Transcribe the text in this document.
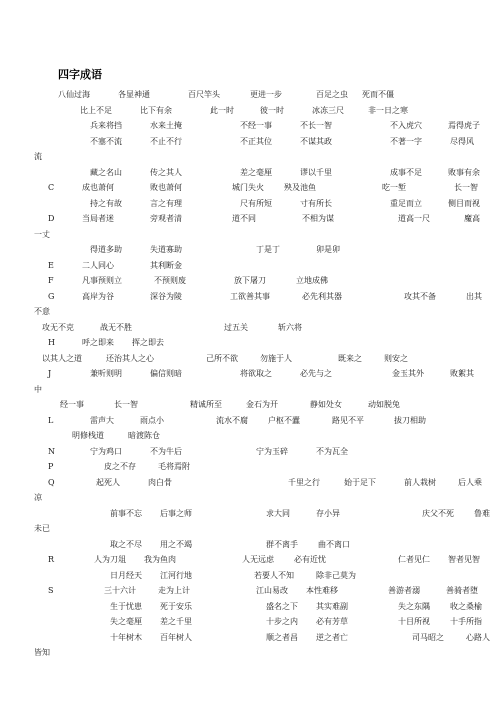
四字成语
八仙过海	各显神通	百尺竿头	更进一步	百足之虫 死而不僵
比上不足	比下有余	此一时	彼一时	冰冻三尺	非一日之寒
兵来将挡	水来土掩	不经一事	不长一智	不入虎穴	焉得虎子
不塞不流	不止不行	不正其位	不谋其政	不著一字	尽得风
流
藏之名山	传之其人	差之毫厘	谬以千里	成事不足	败事有余
C	成也萧何	败也萧何	城门失火	殃及池鱼	吃一堑	长一智
持之有故	言之有理	尺有所短	寸有所长	重足而立	侧目而视
D	当局者迷	旁观者清	道不同	不相为谋	道高一尺	魔高
一丈
得道多助	失道寡助	丁是丁	卯是卯
E	二人同心	其利断金
F	凡事预则立	不预则废	放下屠刀	立地成佛
G	高岸为谷	深谷为陵	工欲善其事	必先利其器	攻其不备	出其
不意
攻无不克	战无不胜	过五关	斩六将
H	呼之即来 挥之即去
以其人之道	还治其人之心	己所不欲	勿施于人	既来之	则安之
J	兼听则明	偏信则暗	将欲取之	必先与之	金玉其外	败絮其
中
经一事	长一智	精诚所至	金石为开	静如处女	动如脱兔
L	雷声大	雨点小	流水不腐	户枢不蠹	路见不平	拔刀相助
明修栈道	暗渡陈仓
N	宁为鸡口	不为牛后	宁为玉碎	不为瓦全
P	皮之不存	毛将焉附
Q	起死人	肉白骨	千里之行	始于足下	前人栽树	后人乘
凉
前事不忘 后事之师	求大同	存小异	庆父不死	鲁难
未已
取之不尽 用之不竭	群不离手	曲不离口
R	人为刀俎 我为鱼肉	人无远虑	必有近忧	仁者见仁 智者见智
日月经天 江河行地	若要人不知	除非己莫为
S	三十六计	走为上计	江山易改 本性难移	善游者溺	善骑者堕
生于忧患 死于安乐	盛名之下 其实难副	失之东隅	收之桑榆
失之毫厘 差之千里	十步之内 必有芳草	十目所视	十手所指
十年树木 百年树人	顺之者昌 逆之者亡	司马昭之	心路人
皆知
